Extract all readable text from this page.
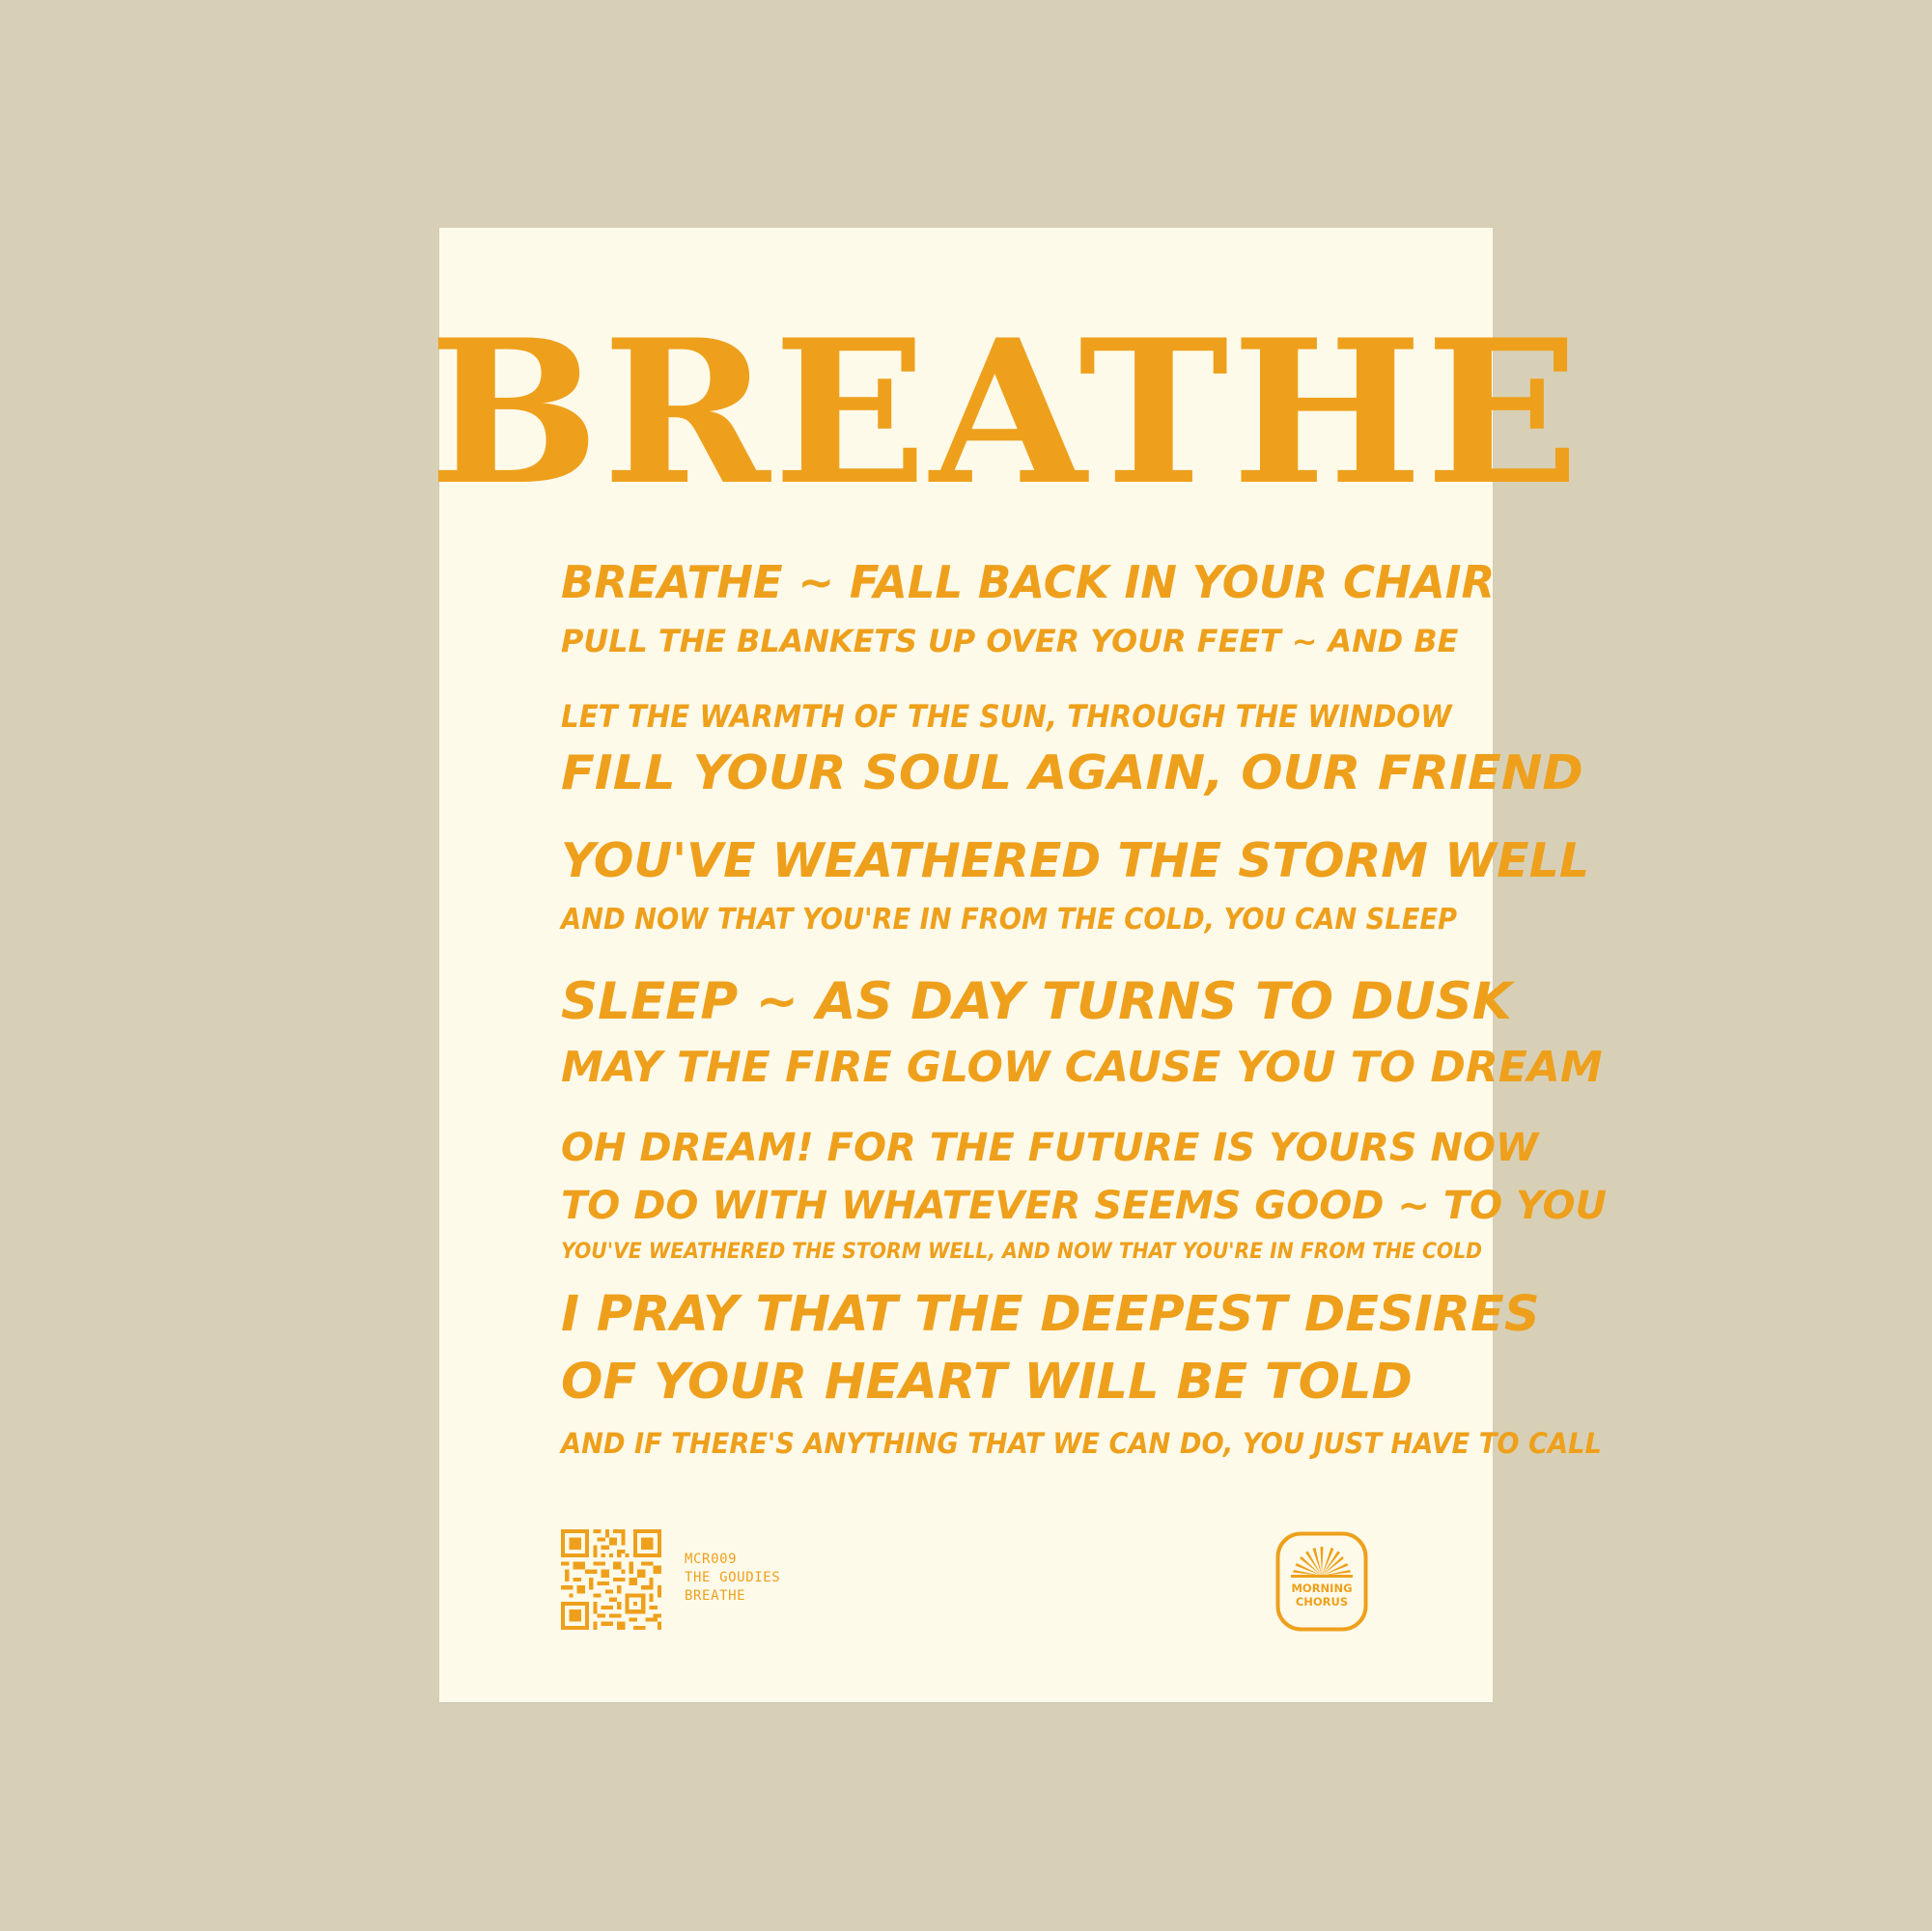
BREATHE
BREATHE ~ FALL BACK IN YOUR CHAIR
PULL THE BLANKETS UP OVER YOUR FEET ~ AND BE
LET THE WARMTH OF THE SUN, THROUGH THE WINDOW
FILL YOUR SOUL AGAIN, OUR FRIEND
YOU'VE WEATHERED THE STORM WELL
AND NOW THAT YOU'RE IN FROM THE COLD, YOU CAN SLEEP
SLEEP ~ AS DAY TURNS TO DUSK
MAY THE FIRE GLOW CAUSE YOU TO DREAM
OH DREAM! FOR THE FUTURE IS YOURS NOW
TO DO WITH WHATEVER SEEMS GOOD ~ TO YOU
YOU'VE WEATHERED THE STORM WELL, AND NOW THAT YOU'RE IN FROM THE COLD
I PRAY THAT THE DEEPEST DESIRES
OF YOUR HEART WILL BE TOLD
AND IF THERE'S ANYTHING THAT WE CAN DO, YOU JUST HAVE TO CALL
MCR009
THE GOUDIES
BREATHE	MORNING
CHORUS
